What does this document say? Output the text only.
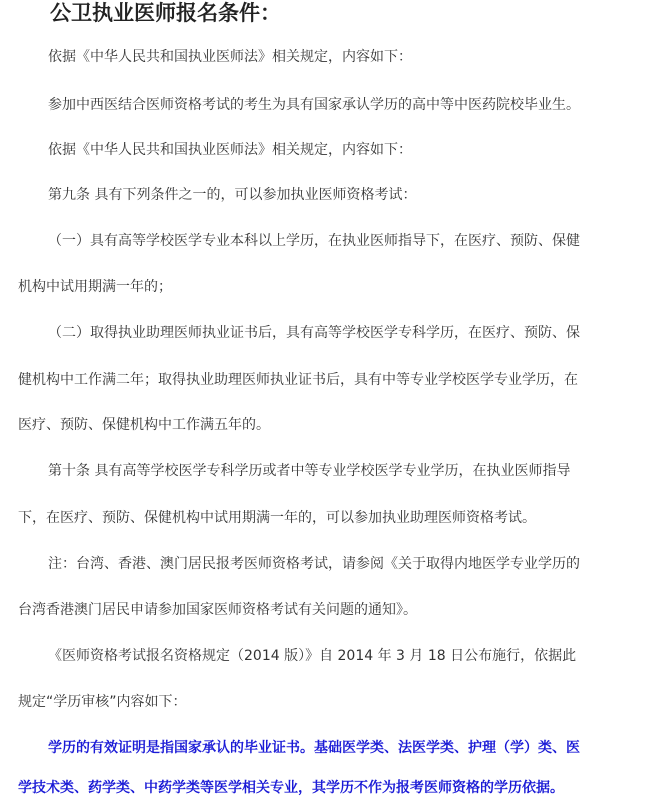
公卫执业医师报名条件：
依据《中华人民共和国执业医师法》相关规定，内容如下：
参加中西医结合医师资格考试的考生为具有国家承认学历的高中等中医药院校毕业生。
依据《中华人民共和国执业医师法》相关规定，内容如下：
第九条 具有下列条件之一的，可以参加执业医师资格考试：
（一）具有高等学校医学专业本科以上学历，在执业医师指导下，在医疗、预防、保健
机构中试用期满一年的；
（二）取得执业助理医师执业证书后，具有高等学校医学专科学历，在医疗、预防、保
健机构中工作满二年；取得执业助理医师执业证书后，具有中等专业学校医学专业学历，在
医疗、预防、保健机构中工作满五年的。
第十条 具有高等学校医学专科学历或者中等专业学校医学专业学历，在执业医师指导
下，在医疗、预防、保健机构中试用期满一年的，可以参加执业助理医师资格考试。
注：台湾、香港、澳门居民报考医师资格考试，请参阅《关于取得内地医学专业学历的
台湾香港澳门居民申请参加国家医师资格考试有关问题的通知》。
《医师资格考试报名资格规定（2014 版）》自 2014 年 3 月 18 日公布施行，依据此
规定“学历审核”内容如下：
学历的有效证明是指国家承认的毕业证书。基础医学类、法医学类、护理（学）类、医
学技术类、药学类、中药学类等医学相关专业，其学历不作为报考医师资格的学历依据。
